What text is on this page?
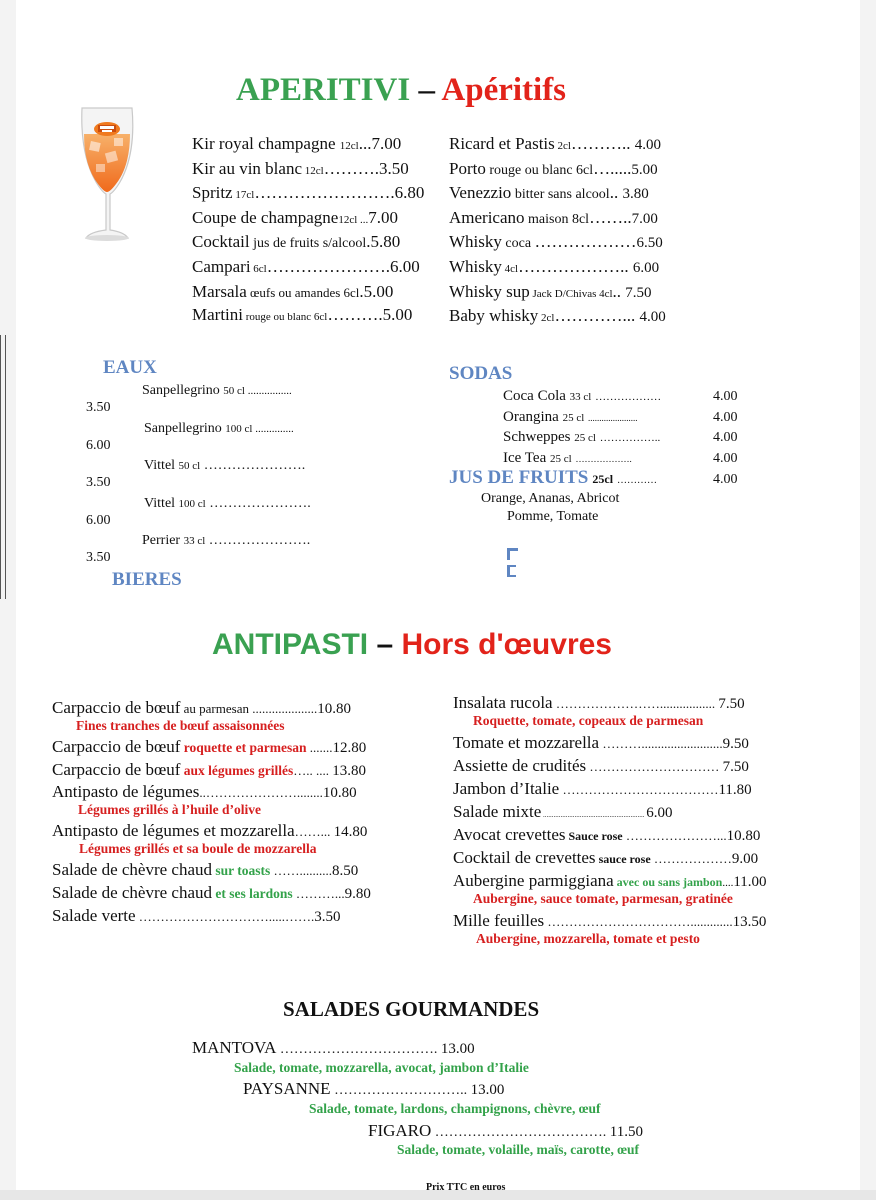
APERITIVI – Apéritifs
Kir royal champagne 12cl...7.00
Kir au vin blanc 12cl……….3.50
Spritz 17cl…………………….6.80
Coupe de champagne12cl ...7.00
Cocktail jus de fruits s/alcool.5.80
Campari 6cl………………….6.00
Marsala œufs ou amandes 6cl.5.00
Martini rouge ou blanc 6cl……….5.00
Ricard et Pastis 2cl……….. 4.00
Porto rouge ou blanc 6cl….....5.00
Venezzio bitter sans alcool.. 3.80
Americano maison 8cl……..7.00
Whisky coca ………………6.50
Whisky 4cl……………….. 6.00
Whisky sup Jack D/Chivas 4cl.. 7.50
Baby whisky 2cl…………... 4.00
EAUX
Sanpellegrino 50 cl ................
3.50
Sanpellegrino 100 cl ..............
6.00
Vittel 50 cl ………………….
3.50
Vittel 100 cl ………………….
6.00
Perrier 33 cl ………………….
3.50
BIERES
SODAS
Coca Cola 33 cl ………………	4.00
Orangina 25 cl ......................	4.00
Schweppes 25 cl ……………..	4.00
Ice Tea 25 cl ……………….	4.00
JUS DE FRUITS 25cl …………	4.00
Orange, Ananas, Abricot
Pomme, Tomate
ANTIPASTI – Hors d'œuvres
Carpaccio de bœuf au parmesan ....................10.80
Fines tranches de bœuf assaisonnées
Carpaccio de bœuf roquette et parmesan .......12.80
Carpaccio de bœuf aux légumes grillés….. .... 13.80
Antipasto de légumes..…………………........10.80
Légumes grillés à l’huile d’olive
Antipasto de légumes et mozzarella……... 14.80
Légumes grillés et sa boule de mozzarella
Salade de chèvre chaud sur toasts ……..........8.50
Salade de chèvre chaud et ses lardons ………...9.80
Salade verte ………………………….....…….3.50
Insalata rucola ……………………................. 7.50
Roquette, tomate, copeaux de parmesan
Tomate et mozzarella ……….........................9.50
Assiette de crudités ………………………… 7.50
Jambon d’Italie ………………………………11.80
Salade mixte .......................................................... 6.00
Avocat crevettes Sauce rose …………………...10.80
Cocktail de crevettes sauce rose ………………9.00
Aubergine parmiggiana avec ou sans jambon....11.00
Aubergine, sauce tomate, parmesan, gratinée
Mille feuilles …………………………….............13.50
Aubergine, mozzarella, tomate et pesto
SALADES GOURMANDES
MANTOVA ……………………………. 13.00
Salade, tomate, mozzarella, avocat, jambon d’Italie
PAYSANNE ……………………….. 13.00
Salade, tomate, lardons, champignons, chèvre, œuf
FIGARO ………………………………. 11.50
Salade, tomate, volaille, maïs, carotte, œuf
Prix TTC en euros
